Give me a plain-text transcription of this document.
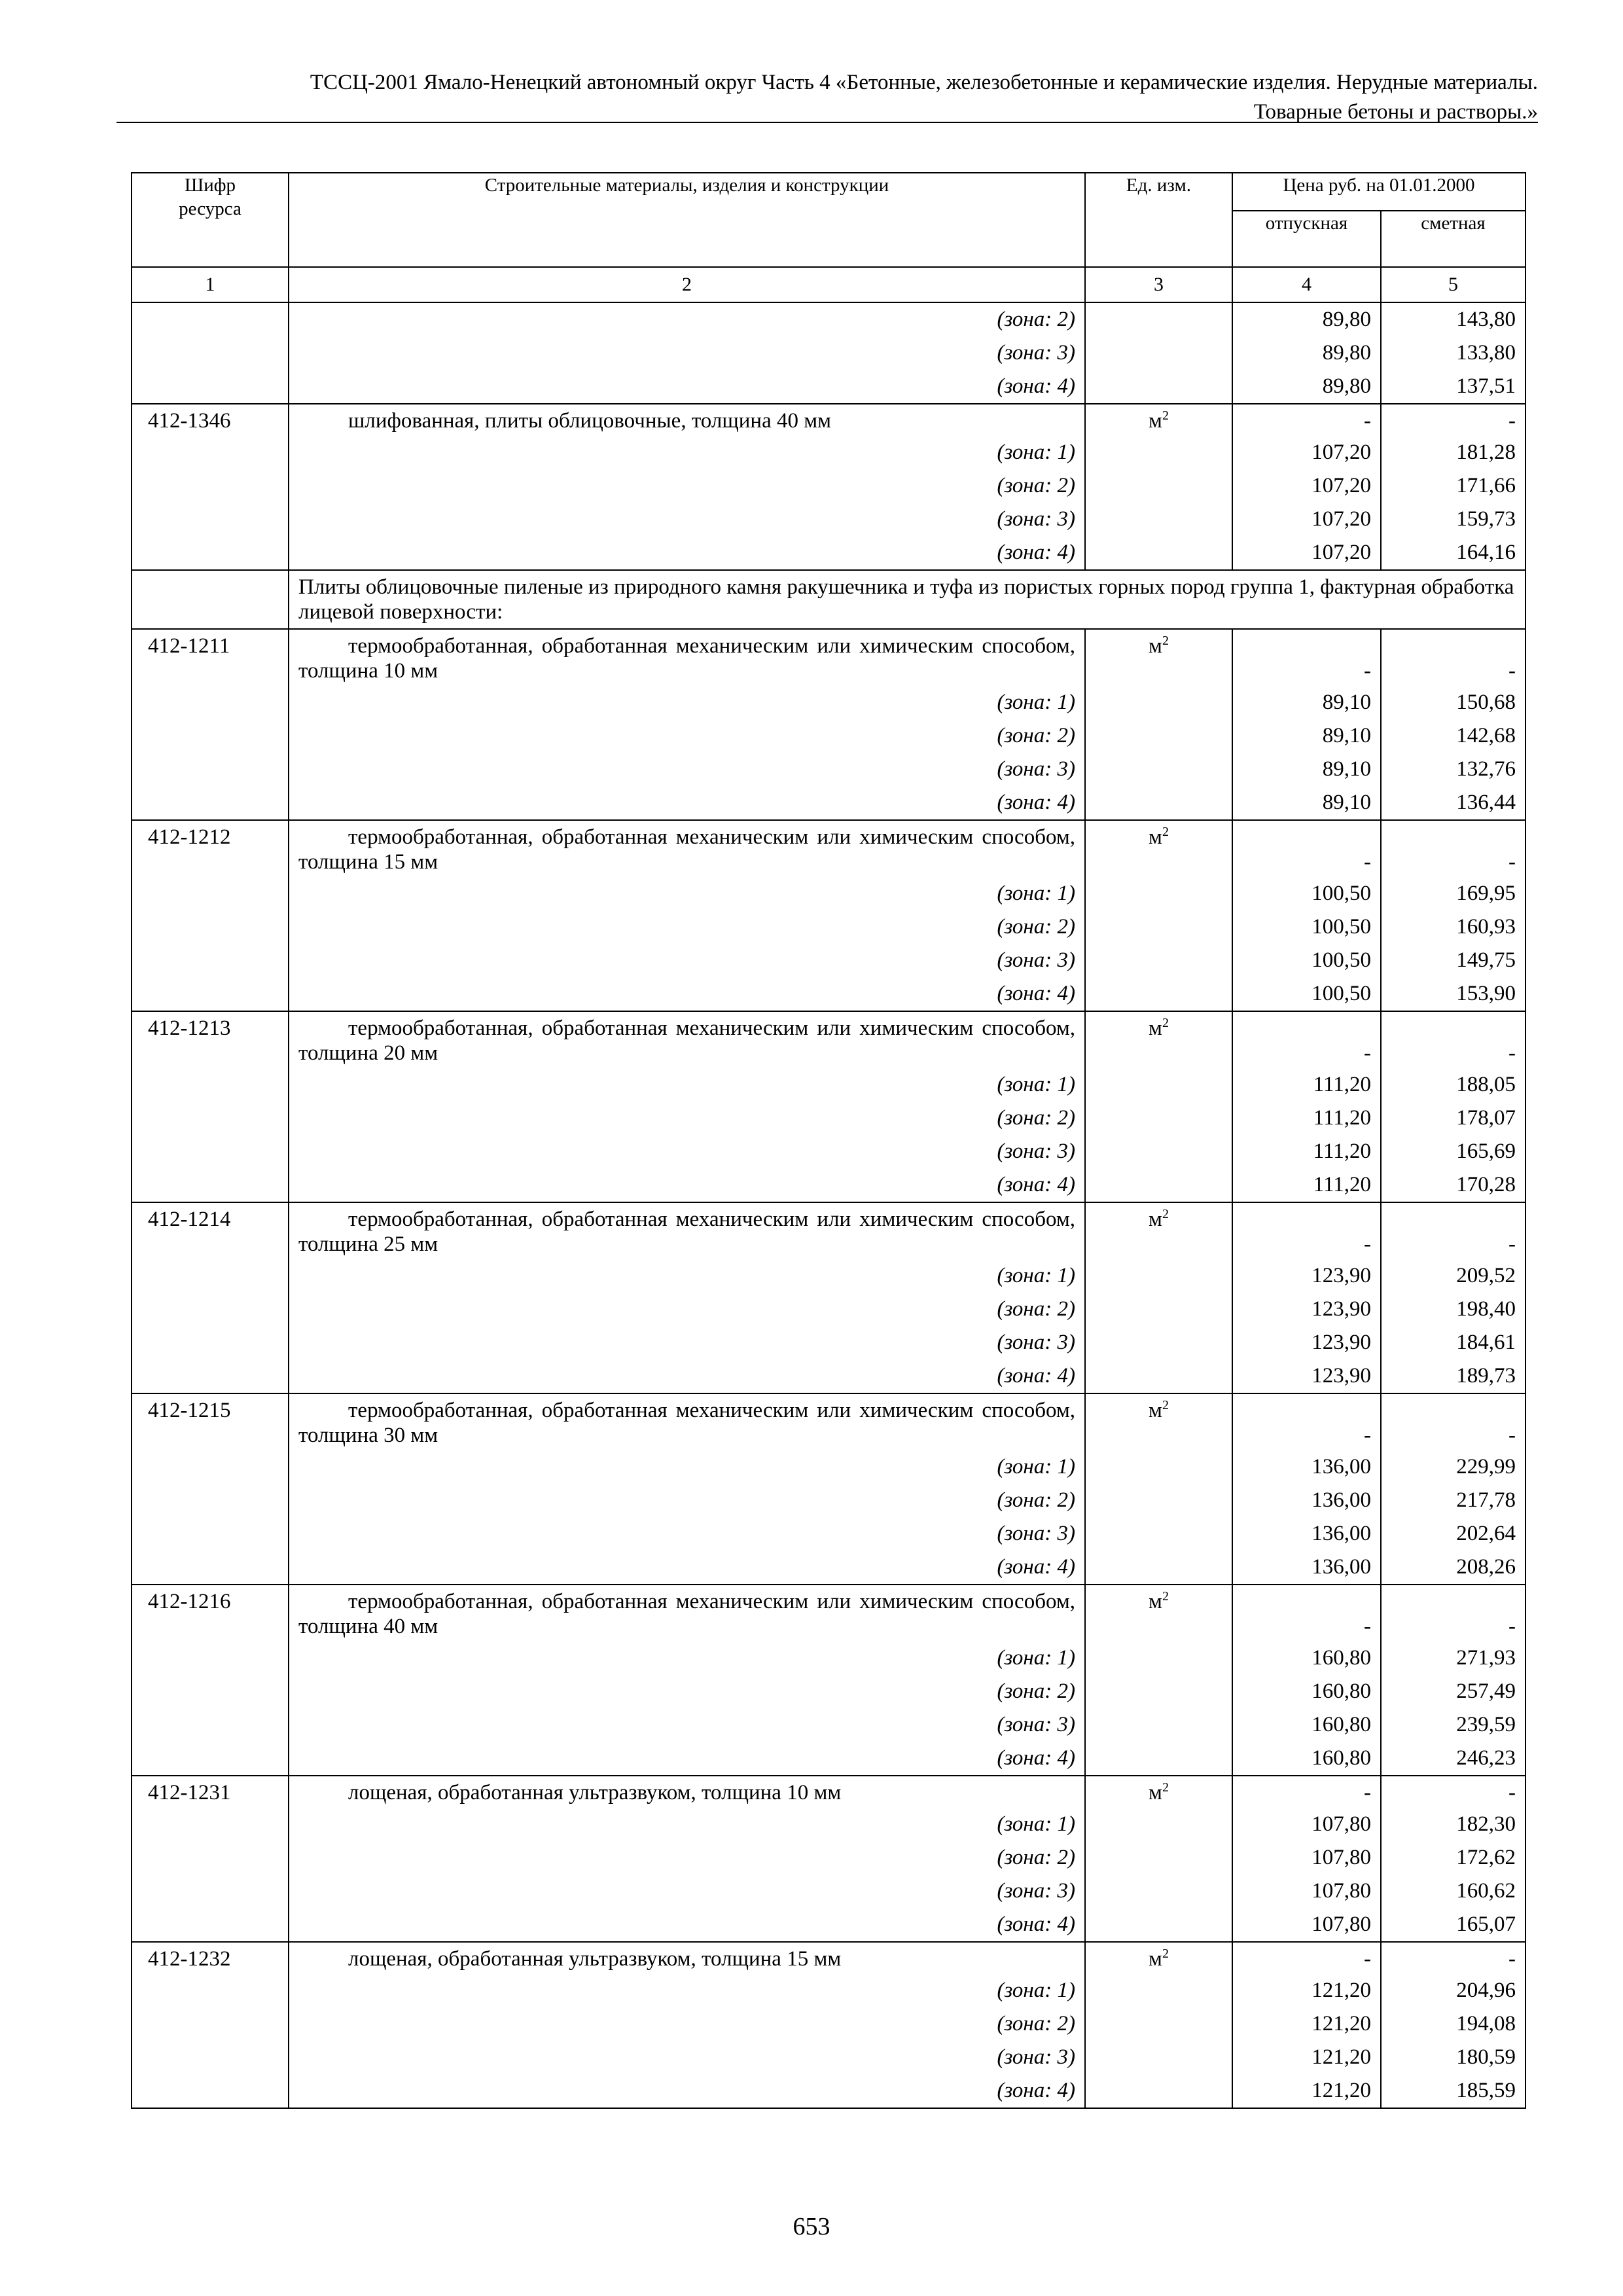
ТССЦ-2001 Ямало-Ненецкий автономный округ Часть 4 «Бетонные, железобетонные и керамические изделия. Нерудные материалы.
Товарные бетоны и растворы.»
Шифр ресурса	Строительные материалы, изделия и конструкции	Ед. изм.	Цена руб. на 01.01.2000	
			отпускная	сметная
1	2	3	4	5
	(зона: 2)		89,80	143,80
	(зона: 3)		89,80	133,80
	(зона: 4)		89,80	137,51
412-1346	шлифованная, плиты облицовочные, толщина 40 мм	$м^2$	-	-
	(зона: 1)		107,20	181,28
	(зона: 2)		107,20	171,66
	(зона: 3)		107,20	159,73
	(зона: 4)		107,20	164,16
	Плиты облицовочные пиленые из природного камня ракушечника и туфа из пористых горных пород группа 1, фактурная обработка лицевой поверхности:			
412-1211	термообработанная, обработанная механическим или химическим способом, толщина 10 мм	$м^2$	-	-
	(зона: 1)		89,10	150,68
	(зона: 2)		89,10	142,68
	(зона: 3)		89,10	132,76
	(зона: 4)		89,10	136,44
412-1212	термообработанная, обработанная механическим или химическим способом, толщина 15 мм	$м^2$	-	-
	(зона: 1)		100,50	169,95
	(зона: 2)		100,50	160,93
	(зона: 3)		100,50	149,75
	(зона: 4)		100,50	153,90
412-1213	термообработанная, обработанная механическим или химическим способом, толщина 20 мм	$м^2$	-	-
	(зона: 1)		111,20	188,05
	(зона: 2)		111,20	178,07
	(зона: 3)		111,20	165,69
	(зона: 4)		111,20	170,28
412-1214	термообработанная, обработанная механическим или химическим способом, толщина 25 мм	$м^2$	-	-
	(зона: 1)		123,90	209,52
	(зона: 2)		123,90	198,40
	(зона: 3)		123,90	184,61
	(зона: 4)		123,90	189,73
412-1215	термообработанная, обработанная механическим или химическим способом, толщина 30 мм	$м^2$	-	-
	(зона: 1)		136,00	229,99
	(зона: 2)		136,00	217,78
	(зона: 3)		136,00	202,64
	(зона: 4)		136,00	208,26
412-1216	термообработанная, обработанная механическим или химическим способом, толщина 40 мм	$м^2$	-	-
	(зона: 1)		160,80	271,93
	(зона: 2)		160,80	257,49
	(зона: 3)		160,80	239,59
	(зона: 4)		160,80	246,23
412-1231	лощеная, обработанная ультразвуком, толщина 10 мм	$м^2$	-	-
	(зона: 1)		107,80	182,30
	(зона: 2)		107,80	172,62
	(зона: 3)		107,80	160,62
	(зона: 4)		107,80	165,07
412-1232	лощеная, обработанная ультразвуком, толщина 15 мм	$м^2$	-	-
	(зона: 1)		121,20	204,96
	(зона: 2)		121,20	194,08
	(зона: 3)		121,20	180,59
	(зона: 4)		121,20	185,59
653
